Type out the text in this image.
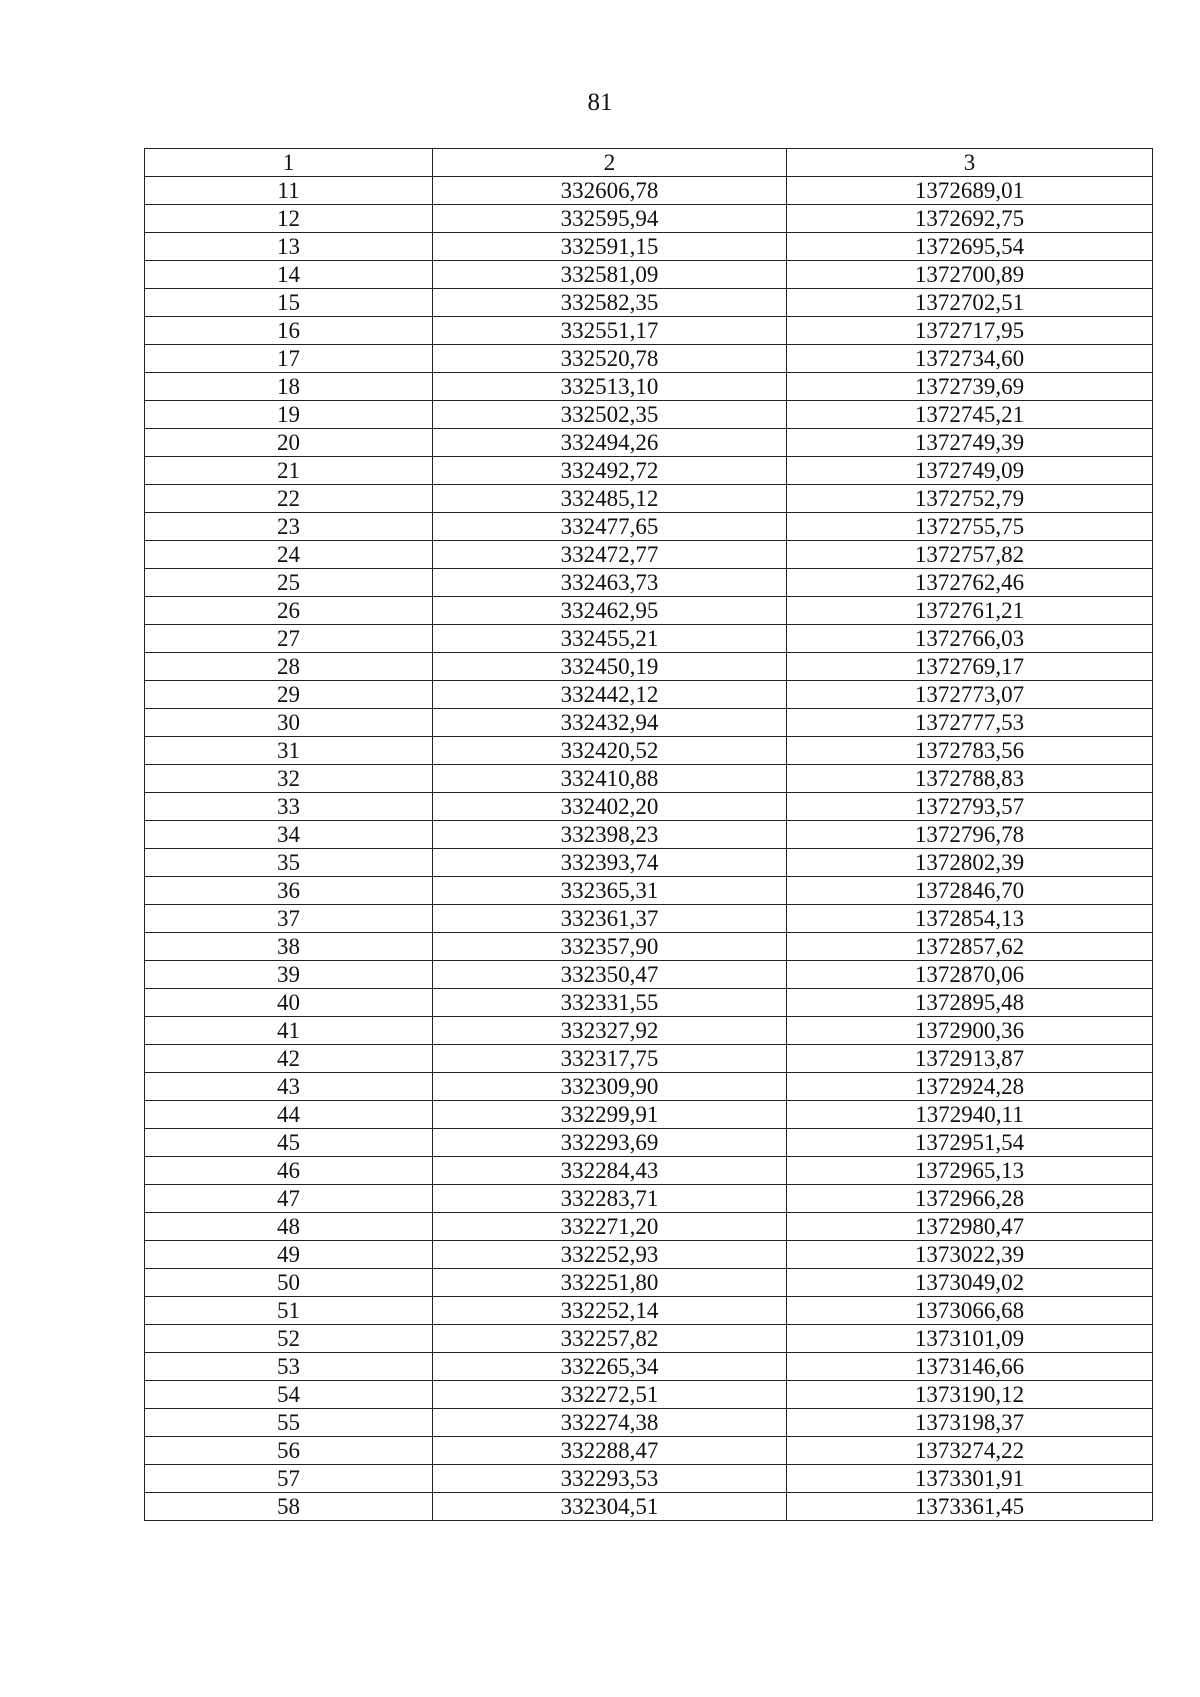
81
1	2	3
11	332606,78	1372689,01
12	332595,94	1372692,75
13	332591,15	1372695,54
14	332581,09	1372700,89
15	332582,35	1372702,51
16	332551,17	1372717,95
17	332520,78	1372734,60
18	332513,10	1372739,69
19	332502,35	1372745,21
20	332494,26	1372749,39
21	332492,72	1372749,09
22	332485,12	1372752,79
23	332477,65	1372755,75
24	332472,77	1372757,82
25	332463,73	1372762,46
26	332462,95	1372761,21
27	332455,21	1372766,03
28	332450,19	1372769,17
29	332442,12	1372773,07
30	332432,94	1372777,53
31	332420,52	1372783,56
32	332410,88	1372788,83
33	332402,20	1372793,57
34	332398,23	1372796,78
35	332393,74	1372802,39
36	332365,31	1372846,70
37	332361,37	1372854,13
38	332357,90	1372857,62
39	332350,47	1372870,06
40	332331,55	1372895,48
41	332327,92	1372900,36
42	332317,75	1372913,87
43	332309,90	1372924,28
44	332299,91	1372940,11
45	332293,69	1372951,54
46	332284,43	1372965,13
47	332283,71	1372966,28
48	332271,20	1372980,47
49	332252,93	1373022,39
50	332251,80	1373049,02
51	332252,14	1373066,68
52	332257,82	1373101,09
53	332265,34	1373146,66
54	332272,51	1373190,12
55	332274,38	1373198,37
56	332288,47	1373274,22
57	332293,53	1373301,91
58	332304,51	1373361,45
